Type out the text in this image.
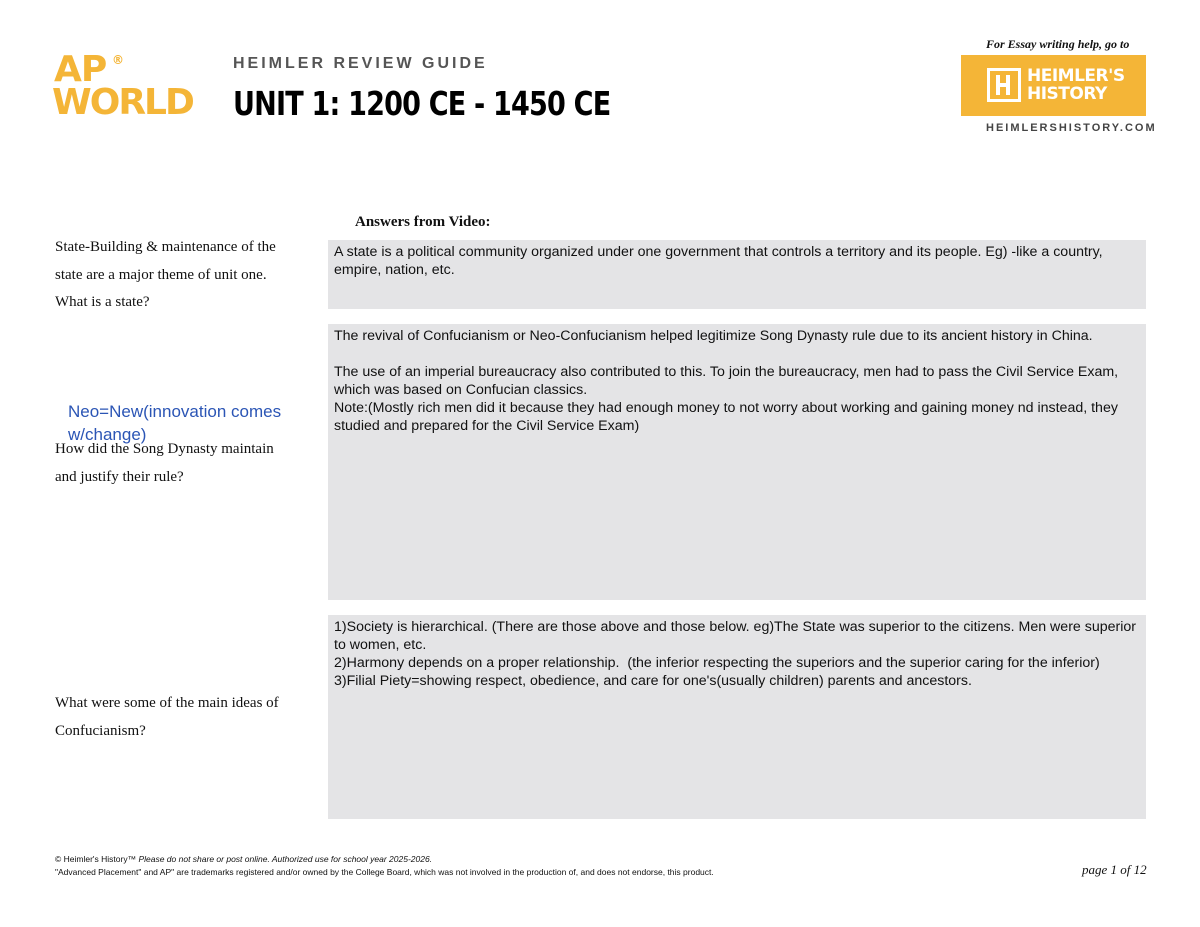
AP ®
WORLD
HEIMLER REVIEW GUIDE
UNIT 1: 1200 CE - 1450 CE
For Essay writing help, go to
HEIMLER'S
HISTORY
HEIMLERSHISTORY.COM
Answers from Video:
State-Building & maintenance of the state are a major theme of unit one. What is a state?

A state is a political community organized under one government that controls a territory and its people. Eg) -like a country, empire, nation, etc.

Neo=New(innovation comes w/change)
How did the Song Dynasty maintain and justify their rule?

The revival of Confucianism or Neo-Confucianism helped legitimize Song Dynasty rule due to its ancient history in China.

The use of an imperial bureaucracy also contributed to this. To join the bureaucracy, men had to pass the Civil Service Exam, which was based on Confucian classics.
Note:(Mostly rich men did it because they had enough money to not worry about working and gaining money nd instead, they studied and prepared for the Civil Service Exam)

What were some of the main ideas of Confucianism?

1)Society is hierarchical. (There are those above and those below. eg)The State was superior to the citizens. Men were superior to women, etc.
2)Harmony depends on a proper relationship.  (the inferior respecting the superiors and the superior caring for the inferior)
3)Filial Piety=showing respect, obedience, and care for one's(usually children) parents and ancestors.

© Heimler's History™ Please do not share or post online. Authorized use for school year 2025-2026.
"Advanced Placement" and AP" are trademarks registered and/or owned by the College Board, which was not involved in the production of, and does not endorse, this product.	page 1 of 12
